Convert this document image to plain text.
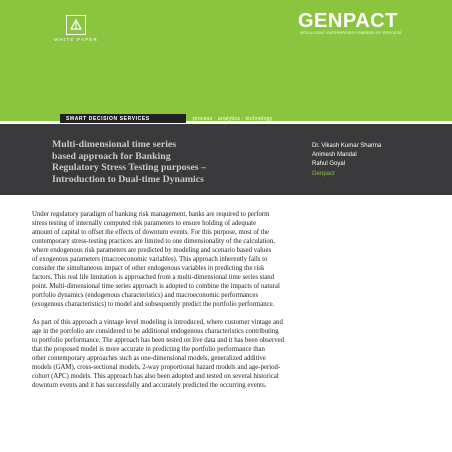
WHITE PAPER
GENPACT
INTELLIGENT ENTERPRISES POWERED BY PROCESS
SMART DECISION SERVICES	process · analytics · technology
Multi-dimensional time series
based approach for Banking
Regulatory Stress Testing purposes –
Introduction to Dual-time Dynamics
Dr. Vikash Kumar Sharma
Animesh Mandal
Rahul Goyal
Genpact

Under regulatory paradigm of banking risk management, banks are required to perform
stress testing of internally computed risk parameters to ensure holding of adequate
amount of capital to offset the effects of downturn events. For this purpose, most of the
contemporary stress-testing practices are limited to one dimensionality of the calculation,
where endogenous risk parameters are predicted by modeling and scenario based values
of exogenous parameters (macroeconomic variables). This approach inherently fails to
consider the simultaneous impact of other endogenous variables in predicting the risk
factors. This real life limitation is approached from a multi-dimensional time series stand
point. Multi-dimensional time series approach is adopted to combine the impacts of natural
portfolio dynamics (endogenous characteristics) and macroeconomic performances
(exogenous characteristics) to model and subsequently predict the portfolio performance.

As part of this approach a vintage level modeling is introduced, where customer vintage and
age in the portfolio are considered to be additional endogenous characteristics contributing
to portfolio performance. The approach has been tested on live data and it has been observed
that the proposed model is more accurate in predicting the portfolio performance than
other contemporary approaches such as one-dimensional models, generalized additive
models (GAM), cross-sectional models, 2-way proportional hazard models and age-period-
cohort (APC) models. This approach has also been adopted and tested on several historical
downturn events and it has successfully and accurately predicted the occurring events.
